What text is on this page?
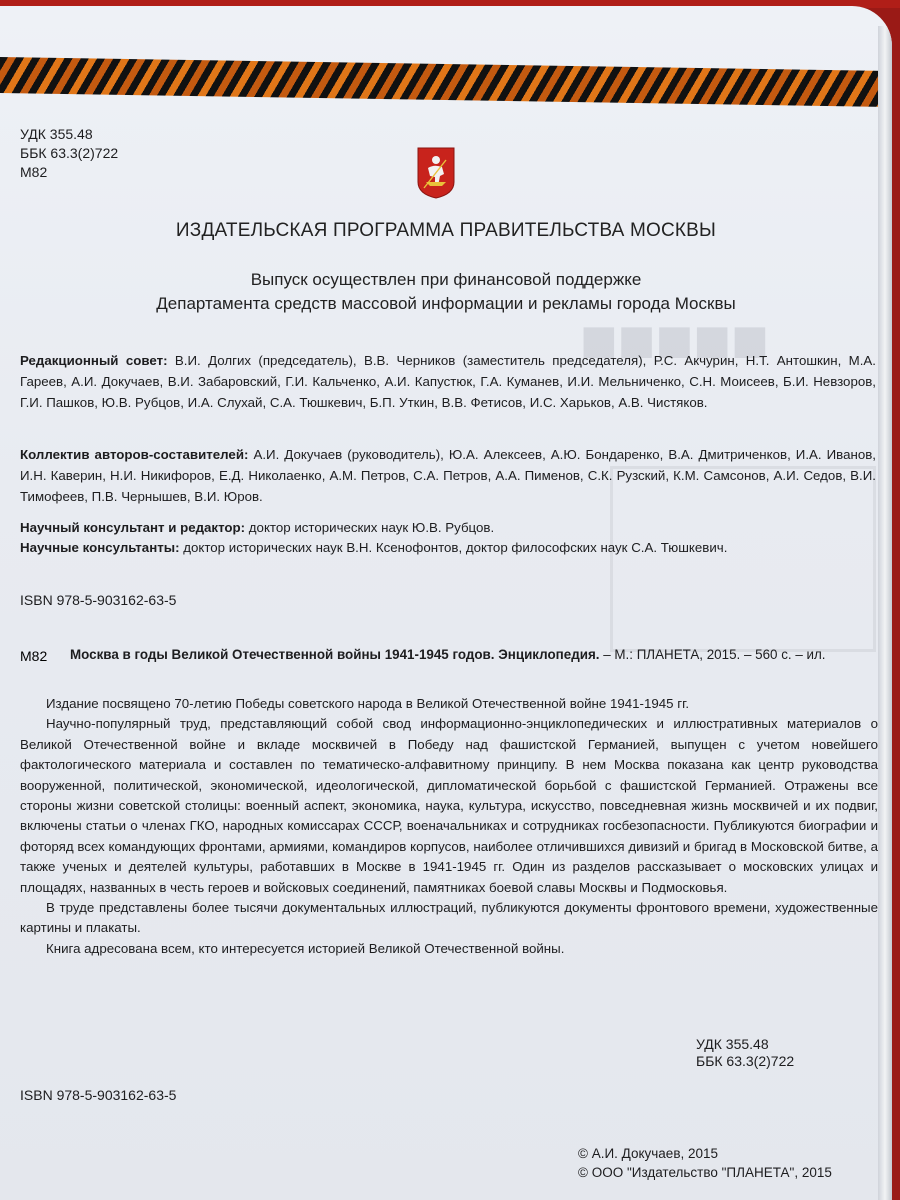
■■■■■
УДК 355.48
ББК 63.3(2)722
М82
ИЗДАТЕЛЬСКАЯ ПРОГРАММА ПРАВИТЕЛЬСТВА МОСКВЫ
Выпуск осуществлен при финансовой поддержке
Департамента средств массовой информации и рекламы города Москвы
Редакционный совет: В.И. Долгих (председатель), В.В. Черников (заместитель председателя), Р.С. Акчурин, Н.Т. Антошкин, М.А. Гареев, А.И. Докучаев, В.И. Забаровский, Г.И. Кальченко, А.И. Капустюк, Г.А. Куманев, И.И. Мельниченко, С.Н. Моисеев, Б.И. Невзоров, Г.И. Пашков, Ю.В. Рубцов, И.А. Слухай, С.А. Тюшкевич, Б.П. Уткин, В.В. Фетисов, И.С. Харьков, А.В. Чистяков.
Коллектив авторов-составителей: А.И. Докучаев (руководитель), Ю.А. Алексеев, А.Ю. Бондаренко, В.А. Дмитриченков, И.А. Иванов, И.Н. Каверин, Н.И. Никифоров, Е.Д. Николаенко, А.М. Петров, С.А. Петров, А.А. Пименов, С.К. Рузский, К.М. Самсонов, А.И. Седов, В.И. Тимофеев, П.В. Чернышев, В.И. Юров.
Научный консультант и редактор: доктор исторических наук Ю.В. Рубцов.
Научные консультанты: доктор исторических наук В.Н. Ксенофонтов, доктор философских наук С.А. Тюшкевич.
ISBN 978-5-903162-63-5
М82 Москва в годы Великой Отечественной войны 1941-1945 годов. Энциклопедия. – М.: ПЛАНЕТА, 2015. – 560 с. – ил.

Издание посвящено 70-летию Победы советского народа в Великой Отечественной войне 1941-1945 гг.

Научно-популярный труд, представляющий собой свод информационно-энциклопедических и иллюстративных материалов о Великой Отечественной войне и вкладе москвичей в Победу над фашистской Германией, выпущен с учетом новейшего фактологического материала и составлен по тематическо-алфавитному принципу. В нем Москва показана как центр руководства вооруженной, политической, экономической, идеологической, дипломатической борьбой с фашистской Германией. Отражены все стороны жизни советской столицы: военный аспект, экономика, наука, культура, искусство, повседневная жизнь москвичей и их подвиг, включены статьи о членах ГКО, народных комиссарах СССР, военачальниках и сотрудниках госбезопасности. Публикуются биографии и фоторяд всех командующих фронтами, армиями, командиров корпусов, наиболее отличившихся дивизий и бригад в Московской битве, а также ученых и деятелей культуры, работавших в Москве в 1941-1945 гг. Один из разделов рассказывает о московских улицах и площадях, названных в честь героев и войсковых соединений, памятниках боевой славы Москвы и Подмосковья.

В труде представлены более тысячи документальных иллюстраций, публикуются документы фронтового времени, художественные картины и плакаты.

Книга адресована всем, кто интересуется историей Великой Отечественной войны.

УДК 355.48
ББК 63.3(2)722
ISBN 978-5-903162-63-5
© А.И. Докучаев, 2015
© ООО "Издательство "ПЛАНЕТА", 2015
